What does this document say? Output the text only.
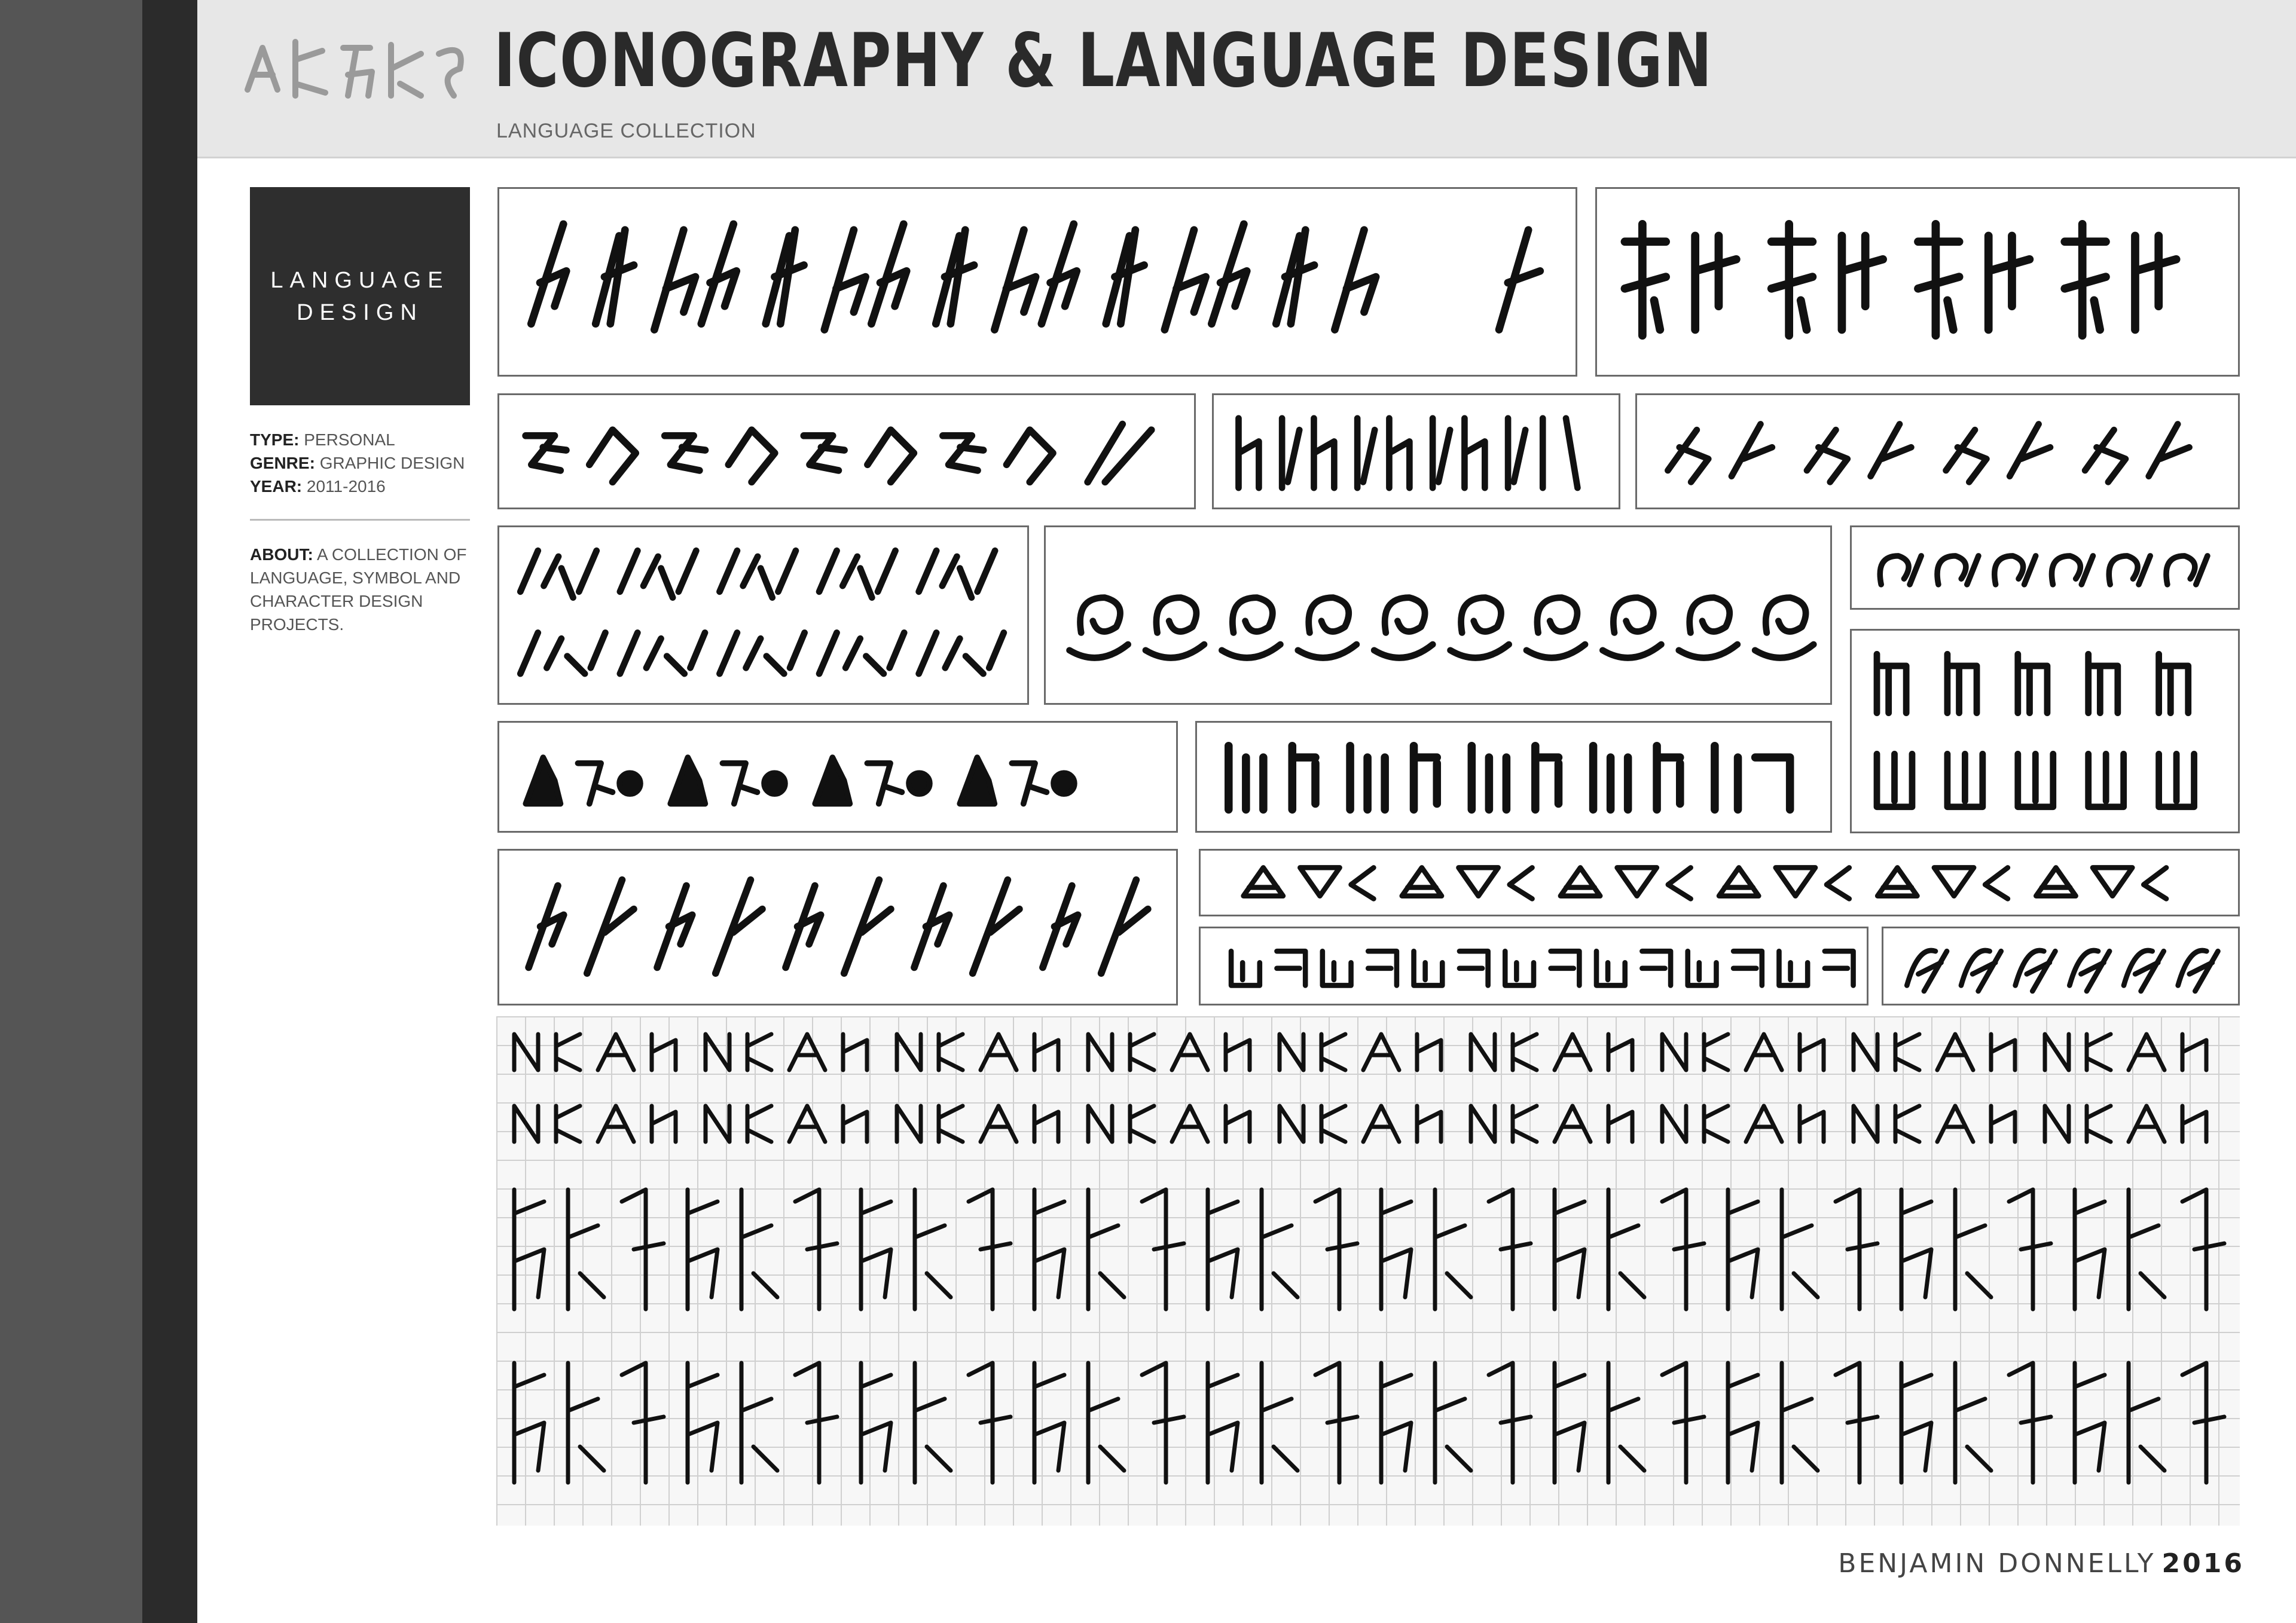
ICONOGRAPHY & LANGUAGE DESIGN
LANGUAGE COLLECTION
LANGUAGE DESIGN
TYPE: PERSONAL
GENRE: GRAPHIC DESIGN
YEAR: 2011-2016
ABOUT: A COLLECTION OF LANGUAGE, SYMBOL AND CHARACTER DESIGN PROJECTS.
BENJAMIN DONNELLY 2016
